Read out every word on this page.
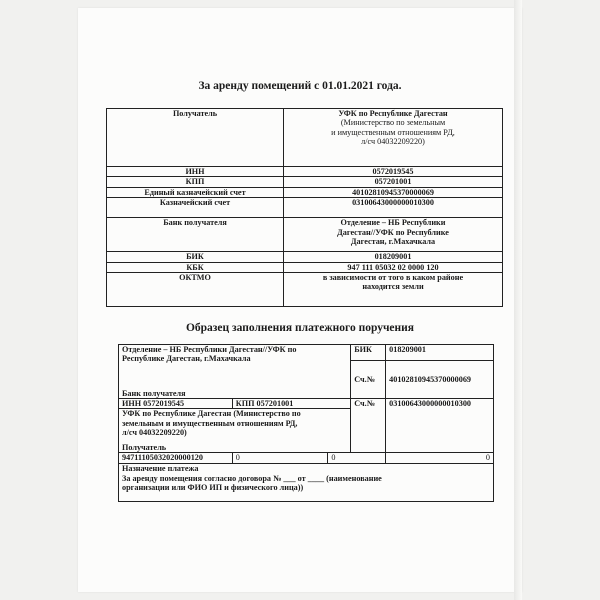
За аренду помещений с 01.01.2021 года.
Получатель	УФК по Республике Дагестан
(Министерство по земельным
и имущественным отношениям РД,
л/сч 04032209220)

ИНН	0572019545
КПП	057201001
Единый казначейский счет	40102810945370000069
Казначейский счет	03100643000000010300
Банк получателя	Отделение – НБ Республики
Дагестан//УФК по Республике
Дагестан, г.Махачкала

БИК	018209001
КБК	947 111 05032 02 0000 120
ОКТМО	в зависимости от того в каком районе
находится земли
Образец заполнения платежного поручения
Отделение – НБ Республики Дагестан//УФК по
Республике Дагестан, г.Махачкала			БИК	018209001
			Сч.№	40102810945370000069
Банк получателя				
ИНН 0572019545	КПП 057201001		Сч.№	03100643000000010300

УФК по Республике Дагестан (Министерство по
земельным и имущественным отношениям РД,
л/сч 04032209220)
Получатель				

94711105032020000120	0	0		0

Назначение платежа
За аренду помещения согласно договора № ___ от ____ (наименование
организации или ФИО ИП и физического лица))				
